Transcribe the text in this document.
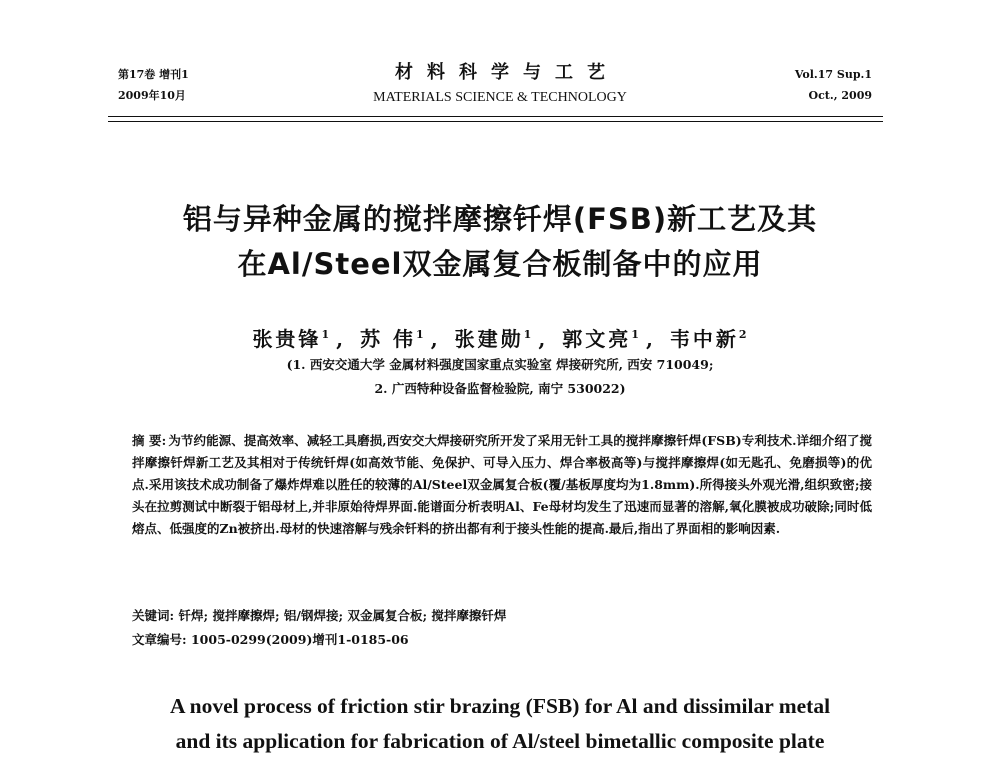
第17卷 增刊1
2009年10月
材料科学与工艺
MATERIALS SCIENCE & TECHNOLOGY
Vol.17 Sup.1
Oct., 2009
铝与异种金属的搅拌摩擦钎焊(FSB)新工艺及其
在Al/Steel双金属复合板制备中的应用
张贵锋$^1$ , 苏 伟$^1$ , 张建勋$^1$ , 郭文亮$^1$ , 韦中新$^2$
(1. 西安交通大学 金属材料强度国家重点实验室 焊接研究所, 西安 710049;
2. 广西特种设备监督检验院, 南宁 530022)
摘 要: 为节约能源、提高效率、减轻工具磨损,西安交大焊接研究所开发了采用无针工具的搅拌摩擦钎焊(FSB)专利技术.详细介绍了搅拌摩擦钎焊新工艺及其相对于传统钎焊(如高效节能、免保护、可导入压力、焊合率极高等)与搅拌摩擦焊(如无匙孔、免磨损等)的优点.采用该技术成功制备了爆炸焊难以胜任的较薄的Al/Steel双金属复合板(覆/基板厚度均为1.8mm).所得接头外观光滑,组织致密;接头在拉剪测试中断裂于铝母材上,并非原始待焊界面.能谱面分析表明Al、Fe母材均发生了迅速而显著的溶解,氧化膜被成功破除;同时低熔点、低强度的Zn被挤出.母材的快速溶解与残余钎料的挤出都有利于接头性能的提高.最后,指出了界面相的影响因素.
关键词: 钎焊; 搅拌摩擦焊; 铝/钢焊接; 双金属复合板; 搅拌摩擦钎焊
文章编号: 1005-0299(2009)增刊1-0185-06
A novel process of friction stir brazing (FSB) for Al and dissimilar metal
and its application for fabrication of Al/steel bimetallic composite plate
